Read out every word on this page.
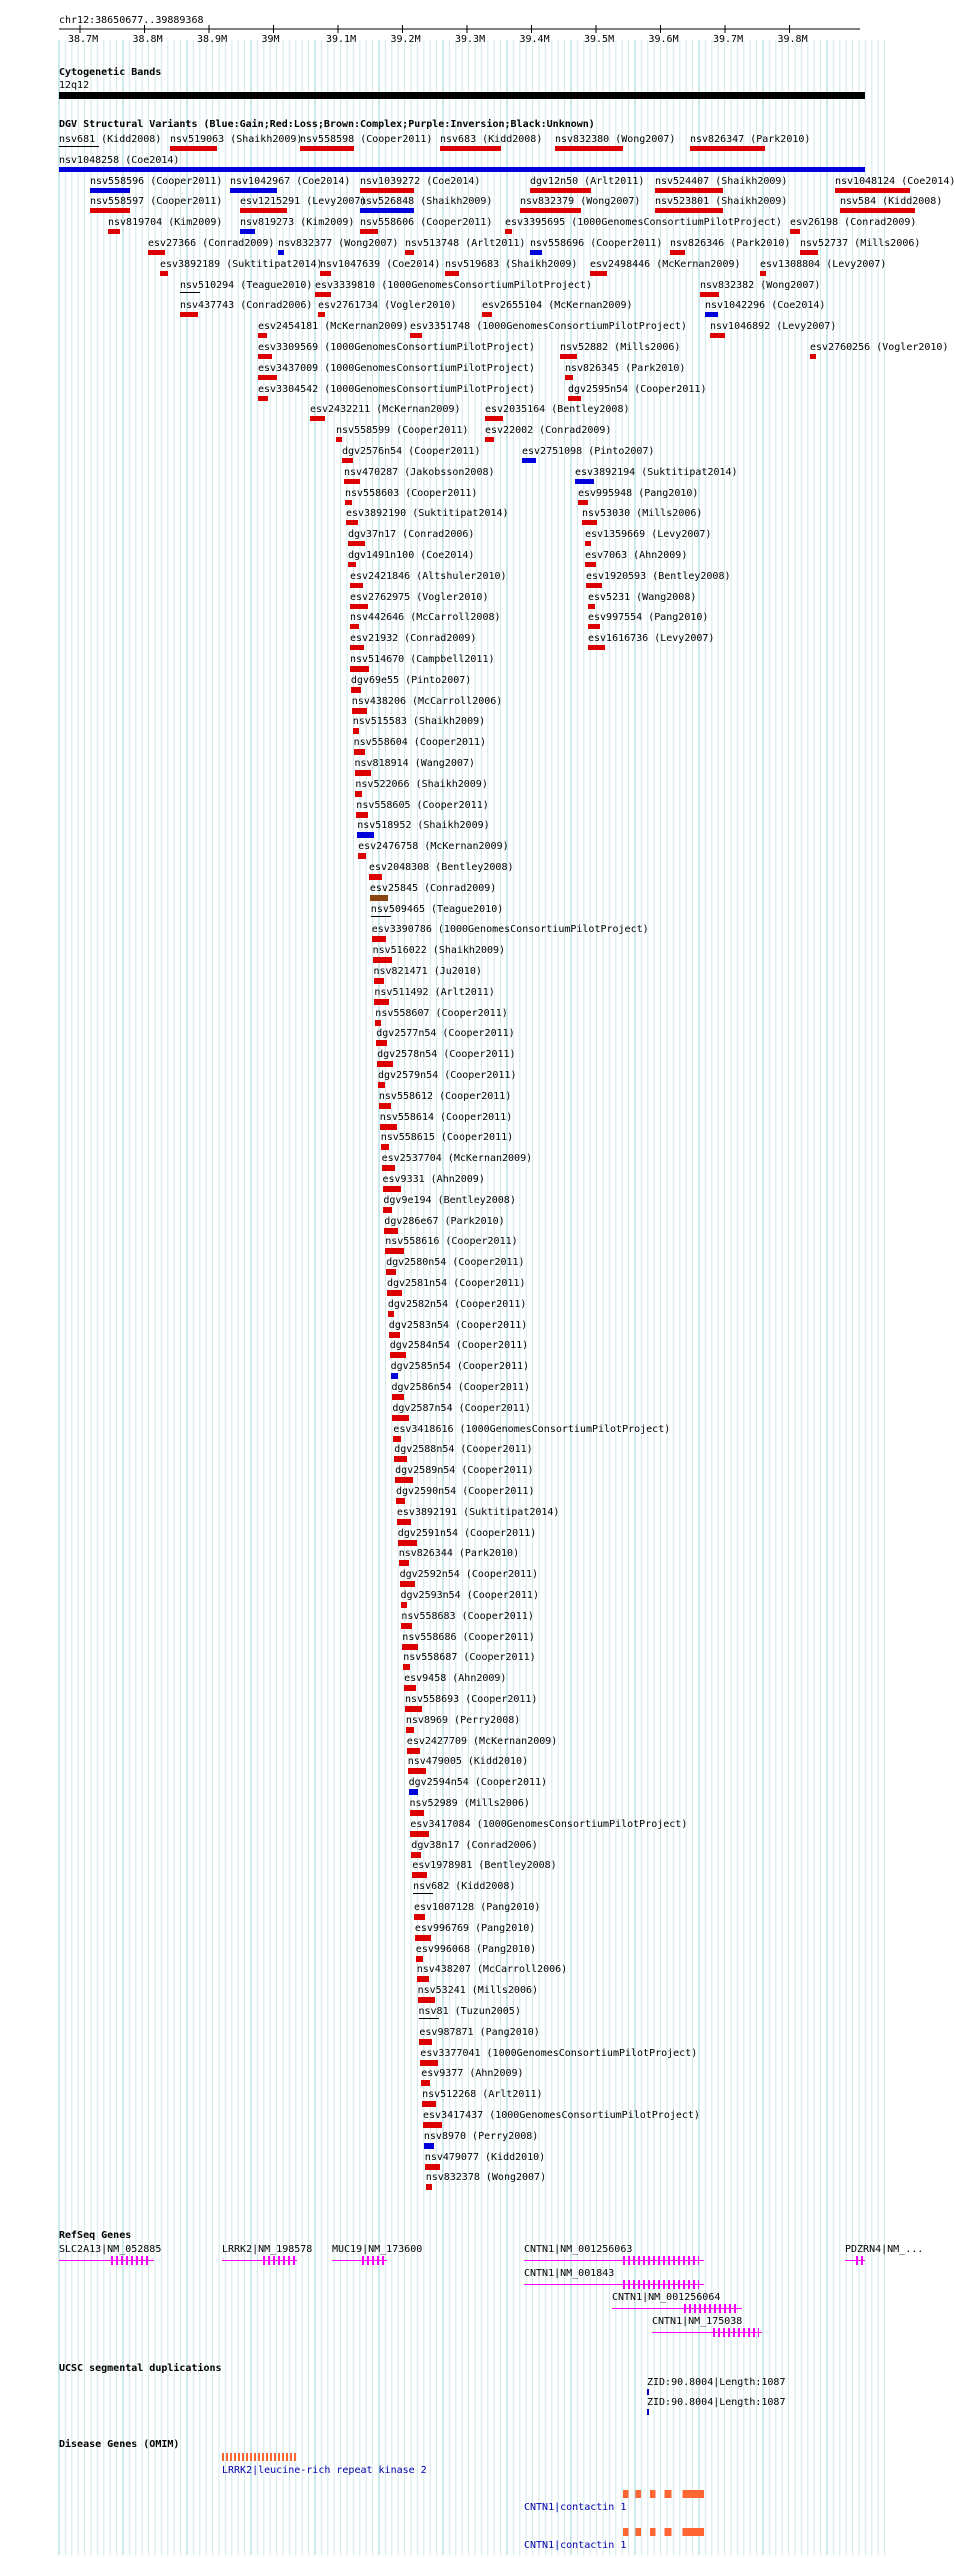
chr12:38650677..39889368
38.7M	38.8M	38.9M	39M	39.1M	39.2M	39.3M	39.4M	39.5M	39.6M	39.7M	39.8M
Cytogenetic Bands
12q12
DGV Structural Variants (Blue:Gain;Red:Loss;Brown:Complex;Purple:Inversion;Black:Unknown)
nsv681 (Kidd2008) nsv519063 (Shaikh2009)
nsv558598 (Cooper2011) nsv683 (Kidd2008) nsv832380 (Wong2007) nsv826347 (Park2010)
nsv1048258 (Coe2014)
nsv558596 (Cooper2011) nsv1042967 (Coe2014) nsv1039272 (Coe2014)	dgv12n50 (Arlt2011) nsv524407 (Shaikh2009)	nsv1048124 (Coe2014)
nsv558597 (Cooper2011) esv1215291 (Levy2007)
nsv526848 (Shaikh2009)	nsv832379 (Wong2007) nsv523801 (Shaikh2009)	nsv584 (Kidd2008)
nsv819704 (Kim2009) nsv819273 (Kim2009) nsv558606 (Cooper2011) esv3395695 (1000GenomesConsortiumPilotProject) esv26198 (Conrad2009)
esv27366 (Conrad2009) nsv832377 (Wong2007) nsv513748 (Arlt2011) nsv558696 (Cooper2011) nsv826346 (Park2010) nsv52737 (Mills2006)
esv3892189 (Suktitipat2014)
nsv1047639 (Coe2014) nsv519683 (Shaikh2009) esv2498446 (McKernan2009) esv1308804 (Levy2007)
nsv510294 (Teague2010) esv3339810 (1000GenomesConsortiumPilotProject)	nsv832382 (Wong2007)
nsv437743 (Conrad2006) esv2761734 (Vogler2010)	esv2655104 (McKernan2009)	nsv1042296 (Coe2014)
esv2454181 (McKernan2009) esv3351748 (1000GenomesConsortiumPilotProject) nsv1046892 (Levy2007)
esv3309569 (1000GenomesConsortiumPilotProject)	nsv52882 (Mills2006)	esv2760256 (Vogler2010)
esv3437009 (1000GenomesConsortiumPilotProject)	nsv826345 (Park2010)
esv3304542 (1000GenomesConsortiumPilotProject)	dgv2595n54 (Cooper2011)
esv2432211 (McKernan2009) esv2035164 (Bentley2008)
nsv558599 (Cooper2011) esv22002 (Conrad2009)
dgv2576n54 (Cooper2011)	esv2751098 (Pinto2007)
nsv470287 (Jakobsson2008)	esv3892194 (Suktitipat2014)
nsv558603 (Cooper2011)	esv995948 (Pang2010)
esv3892190 (Suktitipat2014)	nsv53030 (Mills2006)
dgv37n17 (Conrad2006)	esv1359669 (Levy2007)
dgv1491n100 (Coe2014)	esv7063 (Ahn2009)
esv2421846 (Altshuler2010)	esv1920593 (Bentley2008)
esv2762975 (Vogler2010)	esv5231 (Wang2008)
nsv442646 (McCarroll2008)	esv997554 (Pang2010)
esv21932 (Conrad2009)	esv1616736 (Levy2007)
nsv514670 (Campbell2011)
dgv69e55 (Pinto2007)
nsv438206 (McCarroll2006)
nsv515583 (Shaikh2009)
nsv558604 (Cooper2011)
nsv818914 (Wang2007)
nsv522066 (Shaikh2009)
nsv558605 (Cooper2011)
nsv518952 (Shaikh2009)
esv2476758 (McKernan2009)
esv2048308 (Bentley2008)
esv25845 (Conrad2009)
nsv509465 (Teague2010)
esv3390786 (1000GenomesConsortiumPilotProject)
nsv516022 (Shaikh2009)
nsv821471 (Ju2010)
nsv511492 (Arlt2011)
nsv558607 (Cooper2011)
dgv2577n54 (Cooper2011)
dgv2578n54 (Cooper2011)
dgv2579n54 (Cooper2011)
nsv558612 (Cooper2011)
nsv558614 (Cooper2011)
nsv558615 (Cooper2011)
esv2537704 (McKernan2009)
esv9331 (Ahn2009)
dgv9e194 (Bentley2008)
dgv286e67 (Park2010)
nsv558616 (Cooper2011)
dgv2580n54 (Cooper2011)
dgv2581n54 (Cooper2011)
dgv2582n54 (Cooper2011)
dgv2583n54 (Cooper2011)
dgv2584n54 (Cooper2011)
dgv2585n54 (Cooper2011)
dgv2586n54 (Cooper2011)
dgv2587n54 (Cooper2011)
esv3418616 (1000GenomesConsortiumPilotProject)
dgv2588n54 (Cooper2011)
dgv2589n54 (Cooper2011)
dgv2590n54 (Cooper2011)
esv3892191 (Suktitipat2014)
dgv2591n54 (Cooper2011)
nsv826344 (Park2010)
dgv2592n54 (Cooper2011)
dgv2593n54 (Cooper2011)
nsv558683 (Cooper2011)
nsv558686 (Cooper2011)
nsv558687 (Cooper2011)
esv9458 (Ahn2009)
nsv558693 (Cooper2011)
nsv8969 (Perry2008)
esv2427709 (McKernan2009)
nsv479005 (Kidd2010)
dgv2594n54 (Cooper2011)
nsv52989 (Mills2006)
esv3417084 (1000GenomesConsortiumPilotProject)
dgv38n17 (Conrad2006)
esv1978981 (Bentley2008)
nsv682 (Kidd2008)
esv1007128 (Pang2010)
esv996769 (Pang2010)
esv996068 (Pang2010)
nsv438207 (McCarroll2006)
nsv53241 (Mills2006)
nsv81 (Tuzun2005)
esv987871 (Pang2010)
esv3377041 (1000GenomesConsortiumPilotProject)
esv9377 (Ahn2009)
nsv512268 (Arlt2011)
esv3417437 (1000GenomesConsortiumPilotProject)
nsv8970 (Perry2008)
nsv479077 (Kidd2010)
nsv832378 (Wong2007)
RefSeq Genes
SLC2A13|NM_052885	LRRK2|NM_198578 MUC19|NM_173600	CNTN1|NM_001256063
CNTN1|NM_001843
CNTN1|NM_001256064
CNTN1|NM_175038
PDZRN4|NM_...
UCSC segmental duplications
ZID:90.8004|Length:1087
ZID:90.8004|Length:1087
Disease Genes (OMIM)
LRRK2|leucine-rich repeat kinase 2
CNTN1|contactin 1
CNTN1|contactin 1
